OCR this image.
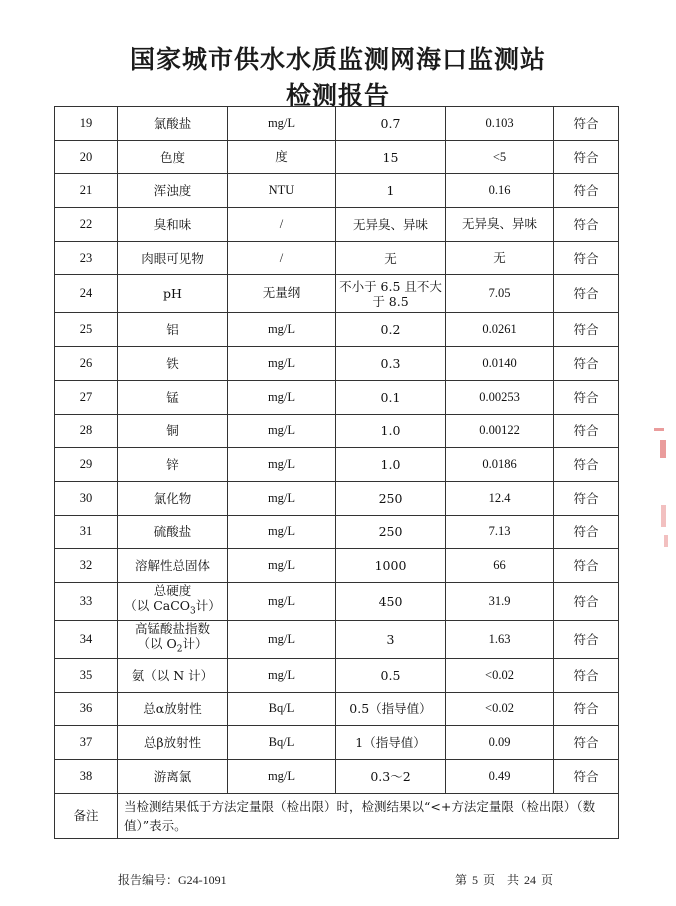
国家城市供水水质监测网海口监测站
检测报告
19	氯酸盐	mg/L	0.7	0.103	符合
20	色度	度	15	<5	符合
21	浑浊度	NTU	1	0.16	符合
22	臭和味	/	无异臭、异味	无异臭、异味	符合
23	肉眼可见物	/	无	无	符合
24	pH	无量纲	不小于 6.5 且不大
于 8.5	7.05	符合
25	铝	mg/L	0.2	0.0261	符合
26	铁	mg/L	0.3	0.0140	符合
27	锰	mg/L	0.1	0.00253	符合
28	铜	mg/L	1.0	0.00122	符合
29	锌	mg/L	1.0	0.0186	符合
30	氯化物	mg/L	250	12.4	符合
31	硫酸盐	mg/L	250	7.13	符合
32	溶解性总固体	mg/L	1000	66	符合
33	总硬度
（以 CaCO$_3$计）	mg/L	450	31.9	符合
34	高锰酸盐指数
（以 $O_2$计）	mg/L	3	1.63	符合
35	氨（以 N 计）	mg/L	0.5	<0.02	符合
36	总α放射性	Bq/L	0.5（指导值）	<0.02	符合
37	总β放射性	Bq/L	1（指导值）	0.09	符合
38	游离氯	mg/L	0.3～2	0.49	符合
备注	当检测结果低于方法定量限（检出限）时，检测结果以“<+方法定量限（检出限）（数值）”表示。				
报告编号：G24-1091	第 5 页　共 24 页
